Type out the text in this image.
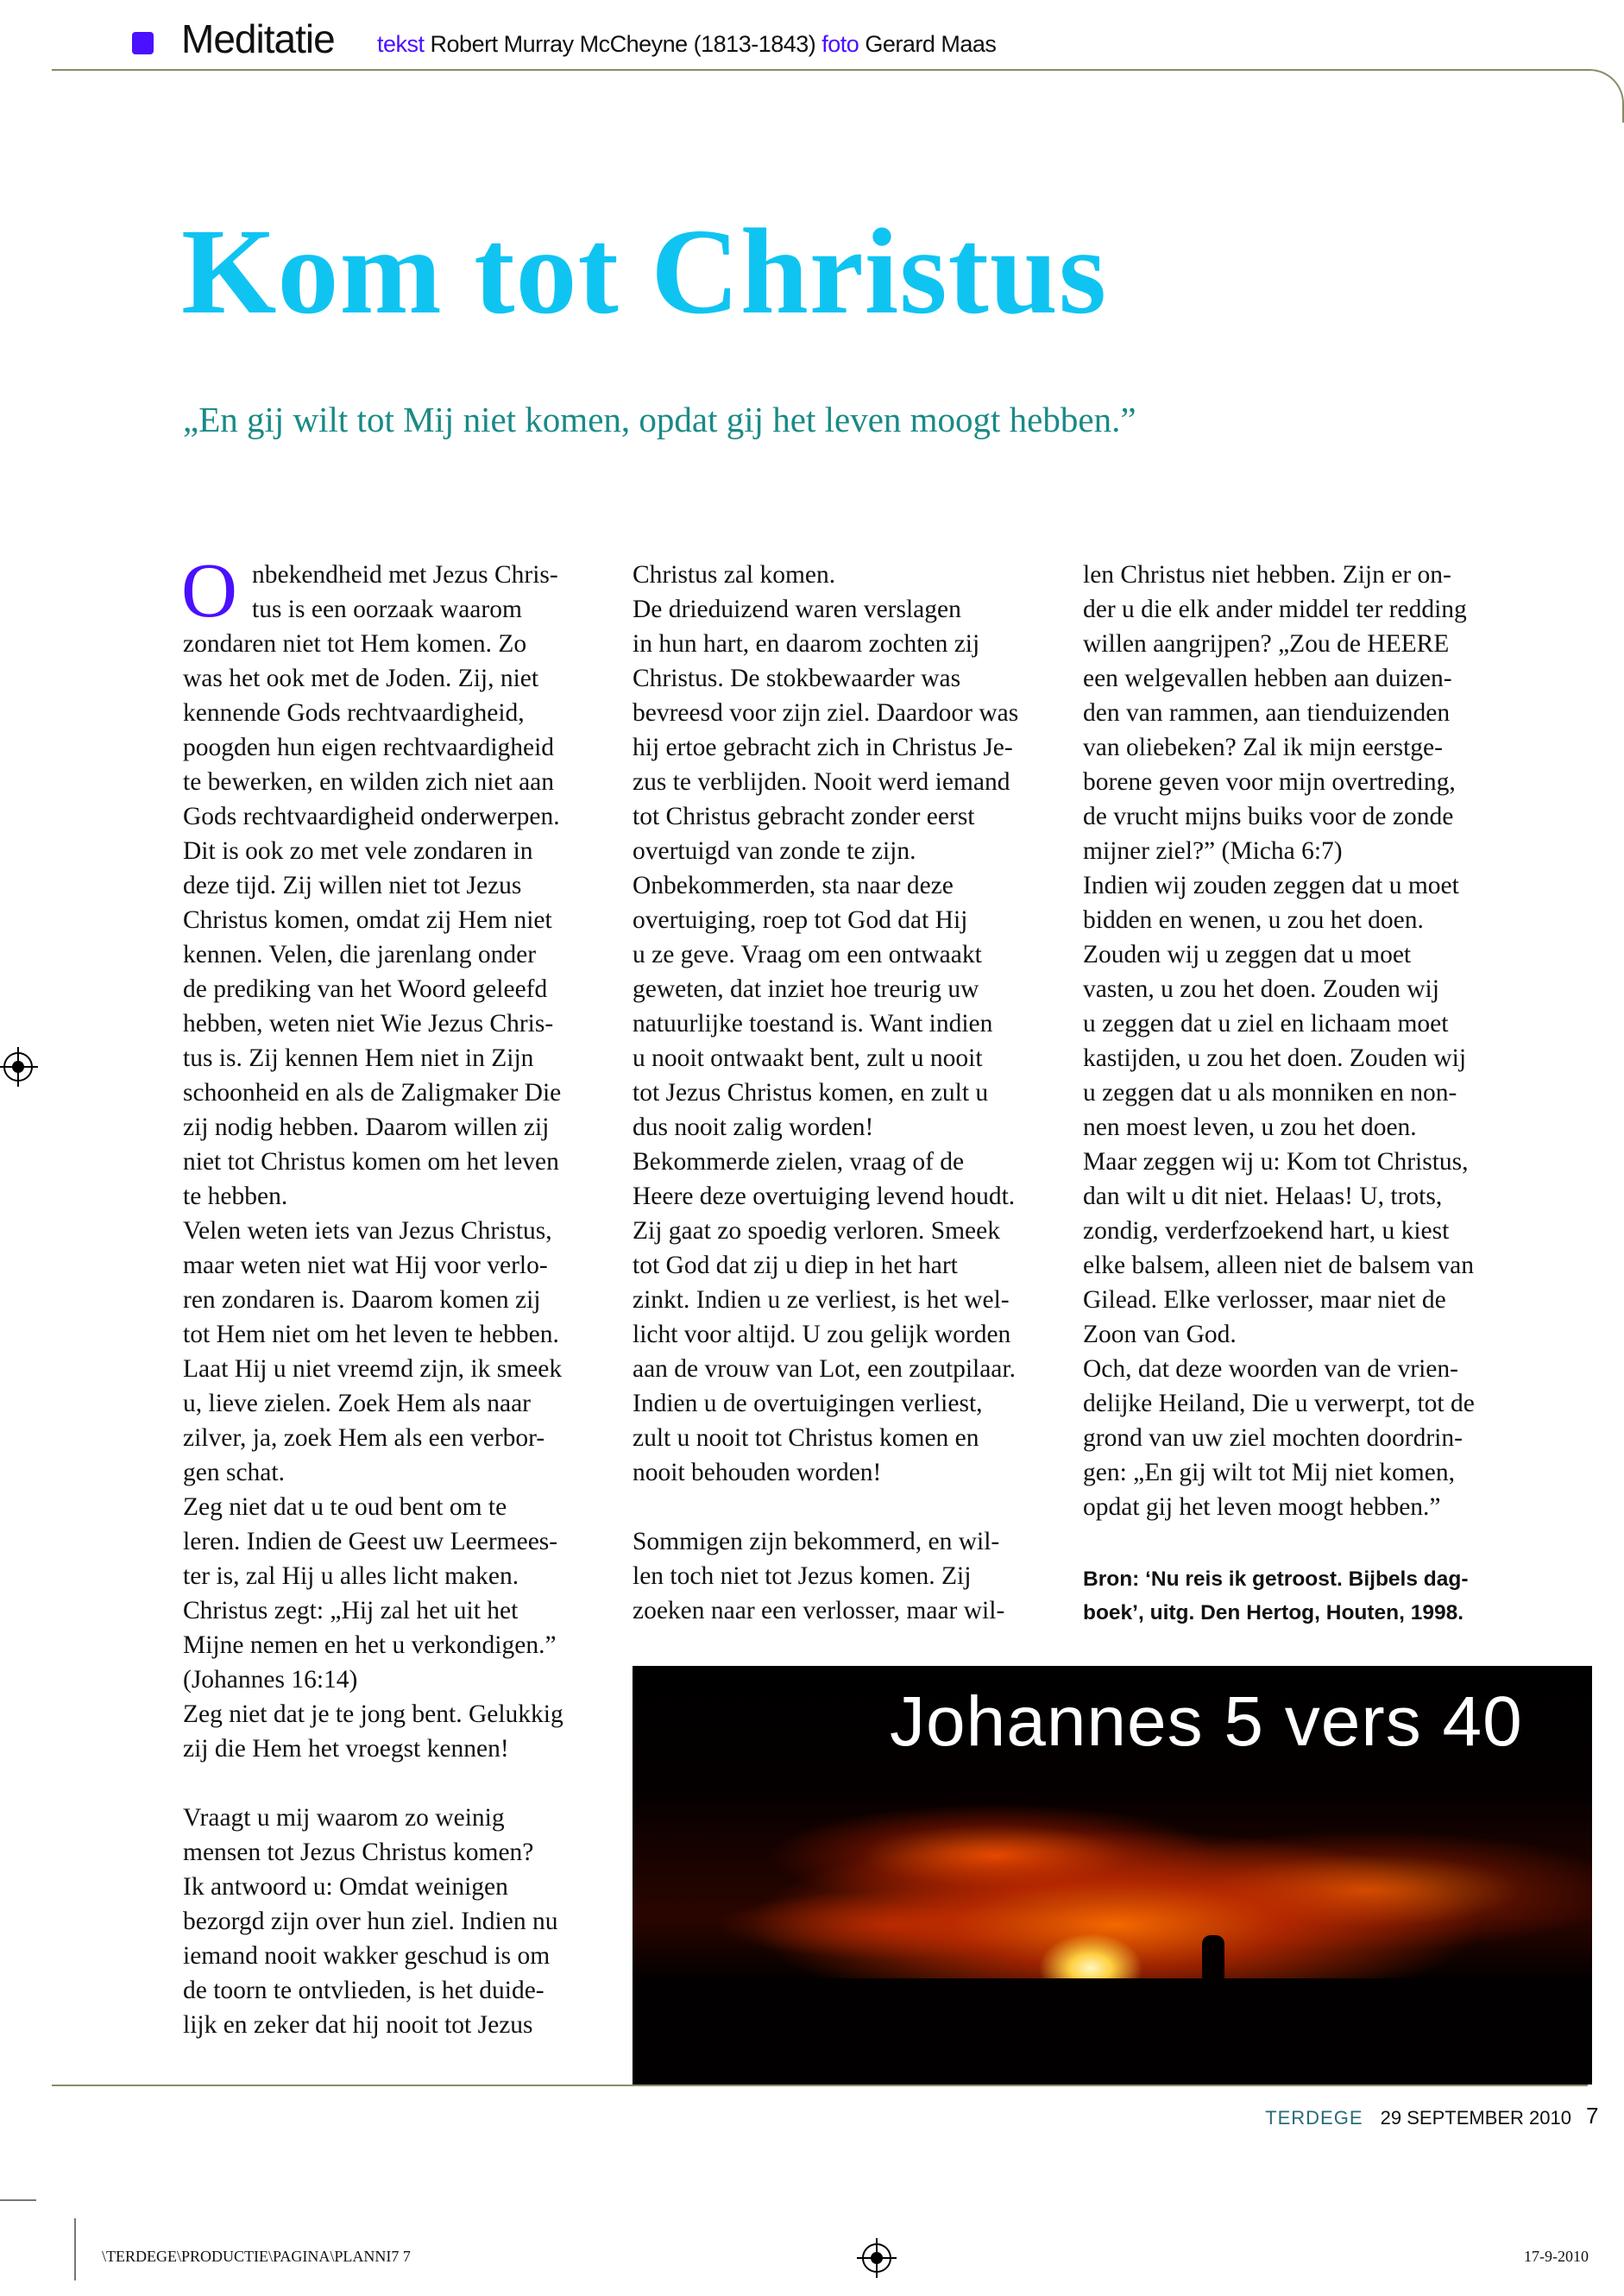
Meditatie tekst Robert Murray McCheyne (1813-1843) foto Gerard Maas
Kom tot Christus
„En gij wilt tot Mij niet komen, opdat gij het leven moogt hebben.”
O nbekendheid met Jezus Chris-
tus is een oorzaak waarom
zondaren niet tot Hem komen. Zo
was het ook met de Joden. Zij, niet
kennende Gods rechtvaardigheid,
poogden hun eigen rechtvaardigheid
te bewerken, en wilden zich niet aan
Gods rechtvaardigheid onderwerpen.
Dit is ook zo met vele zondaren in
deze tijd. Zij willen niet tot Jezus
Christus komen, omdat zij Hem niet
kennen. Velen, die jarenlang onder
de prediking van het Woord geleefd
hebben, weten niet Wie Jezus Chris-
tus is. Zij kennen Hem niet in Zijn
schoonheid en als de Zaligmaker Die
zij nodig hebben. Daarom willen zij
niet tot Christus komen om het leven
te hebben.
Velen weten iets van Jezus Christus,
maar weten niet wat Hij voor verlo-
ren zondaren is. Daarom komen zij
tot Hem niet om het leven te hebben.
Laat Hij u niet vreemd zijn, ik smeek
u, lieve zielen. Zoek Hem als naar
zilver, ja, zoek Hem als een verbor-
gen schat.
Zeg niet dat u te oud bent om te
leren. Indien de Geest uw Leermees-
ter is, zal Hij u alles licht maken.
Christus zegt: „Hij zal het uit het
Mijne nemen en het u verkondigen.”
(Johannes 16:14)
Zeg niet dat je te jong bent. Gelukkig
zij die Hem het vroegst kennen!
Vraagt u mij waarom zo weinig
mensen tot Jezus Christus komen?
Ik antwoord u: Omdat weinigen
bezorgd zijn over hun ziel. Indien nu
iemand nooit wakker geschud is om
de toorn te ontvlieden, is het duide-
lijk en zeker dat hij nooit tot Jezus
Christus zal komen.
De drieduizend waren verslagen
in hun hart, en daarom zochten zij
Christus. De stokbewaarder was
bevreesd voor zijn ziel. Daardoor was
hij ertoe gebracht zich in Christus Je-
zus te verblijden. Nooit werd iemand
tot Christus gebracht zonder eerst
overtuigd van zonde te zijn.
Onbekommerden, sta naar deze
overtuiging, roep tot God dat Hij
u ze geve. Vraag om een ontwaakt
geweten, dat inziet hoe treurig uw
natuurlijke toestand is. Want indien
u nooit ontwaakt bent, zult u nooit
tot Jezus Christus komen, en zult u
dus nooit zalig worden!
Bekommerde zielen, vraag of de
Heere deze overtuiging levend houdt.
Zij gaat zo spoedig verloren. Smeek
tot God dat zij u diep in het hart
zinkt. Indien u ze verliest, is het wel-
licht voor altijd. U zou gelijk worden
aan de vrouw van Lot, een zoutpilaar.
Indien u de overtuigingen verliest,
zult u nooit tot Christus komen en
nooit behouden worden!
Sommigen zijn bekommerd, en wil-
len toch niet tot Jezus komen. Zij
zoeken naar een verlosser, maar wil-
len Christus niet hebben. Zijn er on-
der u die elk ander middel ter redding
willen aangrijpen? „Zou de HEERE
een welgevallen hebben aan duizen-
den van rammen, aan tienduizenden
van oliebeken? Zal ik mijn eerstge-
borene geven voor mijn overtreding,
de vrucht mijns buiks voor de zonde
mijner ziel?” (Micha 6:7)
Indien wij zouden zeggen dat u moet
bidden en wenen, u zou het doen.
Zouden wij u zeggen dat u moet
vasten, u zou het doen. Zouden wij
u zeggen dat u ziel en lichaam moet
kastijden, u zou het doen. Zouden wij
u zeggen dat u als monniken en non-
nen moest leven, u zou het doen.
Maar zeggen wij u: Kom tot Christus,
dan wilt u dit niet. Helaas! U, trots,
zondig, verderfzoekend hart, u kiest
elke balsem, alleen niet de balsem van
Gilead. Elke verlosser, maar niet de
Zoon van God.
Och, dat deze woorden van de vrien-
delijke Heiland, Die u verwerpt, tot de
grond van uw ziel mochten doordrin-
gen: „En gij wilt tot Mij niet komen,
opdat gij het leven moogt hebben.”
Bron: ‘Nu reis ik getroost. Bijbels dag-
boek’, uitg. Den Hertog, Houten, 1998.
Johannes 5 vers 40
TERDEGE 29 SEPTEMBER 2010 7
\TERDEGE\PRODUCTIE\PAGINA\PLANNI7 7	17-9-2010
